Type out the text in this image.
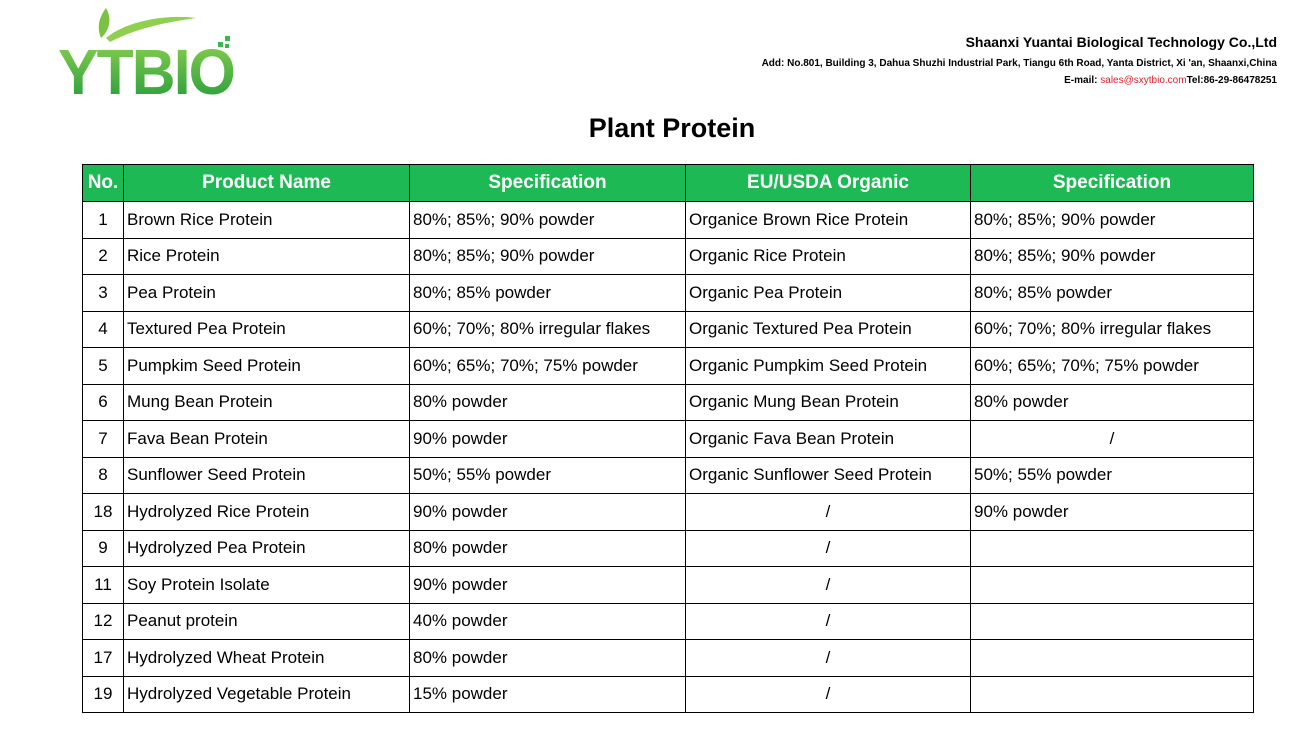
YTBIO	Shaanxi Yuantai Biological Technology Co.,Ltd
Add: No.801, Building 3, Dahua Shuzhi Industrial Park, Tiangu 6th Road, Yanta District, Xi 'an, Shaanxi,China
E-mail: sales@sxytbio.comTel:86-29-86478251
Plant Protein
No.	Product Name	Specification	EU/USDA Organic	Specification
1	Brown Rice Protein	80%; 85%; 90% powder	Organice Brown Rice Protein	80%; 85%; 90% powder
2	Rice Protein	80%; 85%; 90% powder	Organic Rice Protein	80%; 85%; 90% powder
3	Pea Protein	80%; 85% powder	Organic Pea Protein	80%; 85% powder
4	Textured Pea Protein	60%; 70%; 80% irregular flakes	Organic Textured Pea Protein	60%; 70%; 80% irregular flakes
5	Pumpkim Seed Protein	60%; 65%; 70%; 75% powder	Organic Pumpkim Seed Protein	60%; 65%; 70%; 75% powder
6	Mung Bean Protein	80% powder	Organic Mung Bean Protein	80% powder
7	Fava Bean Protein	90% powder	Organic Fava Bean Protein	/
8	Sunflower Seed Protein	50%; 55% powder	Organic Sunflower Seed Protein	50%; 55% powder
18	Hydrolyzed Rice Protein	90% powder	/	90% powder
9	Hydrolyzed Pea Protein	80% powder	/	
11	Soy Protein Isolate	90% powder	/	
12	Peanut protein	40% powder	/	
17	Hydrolyzed Wheat Protein	80% powder	/	
19	Hydrolyzed Vegetable Protein	15% powder	/	
